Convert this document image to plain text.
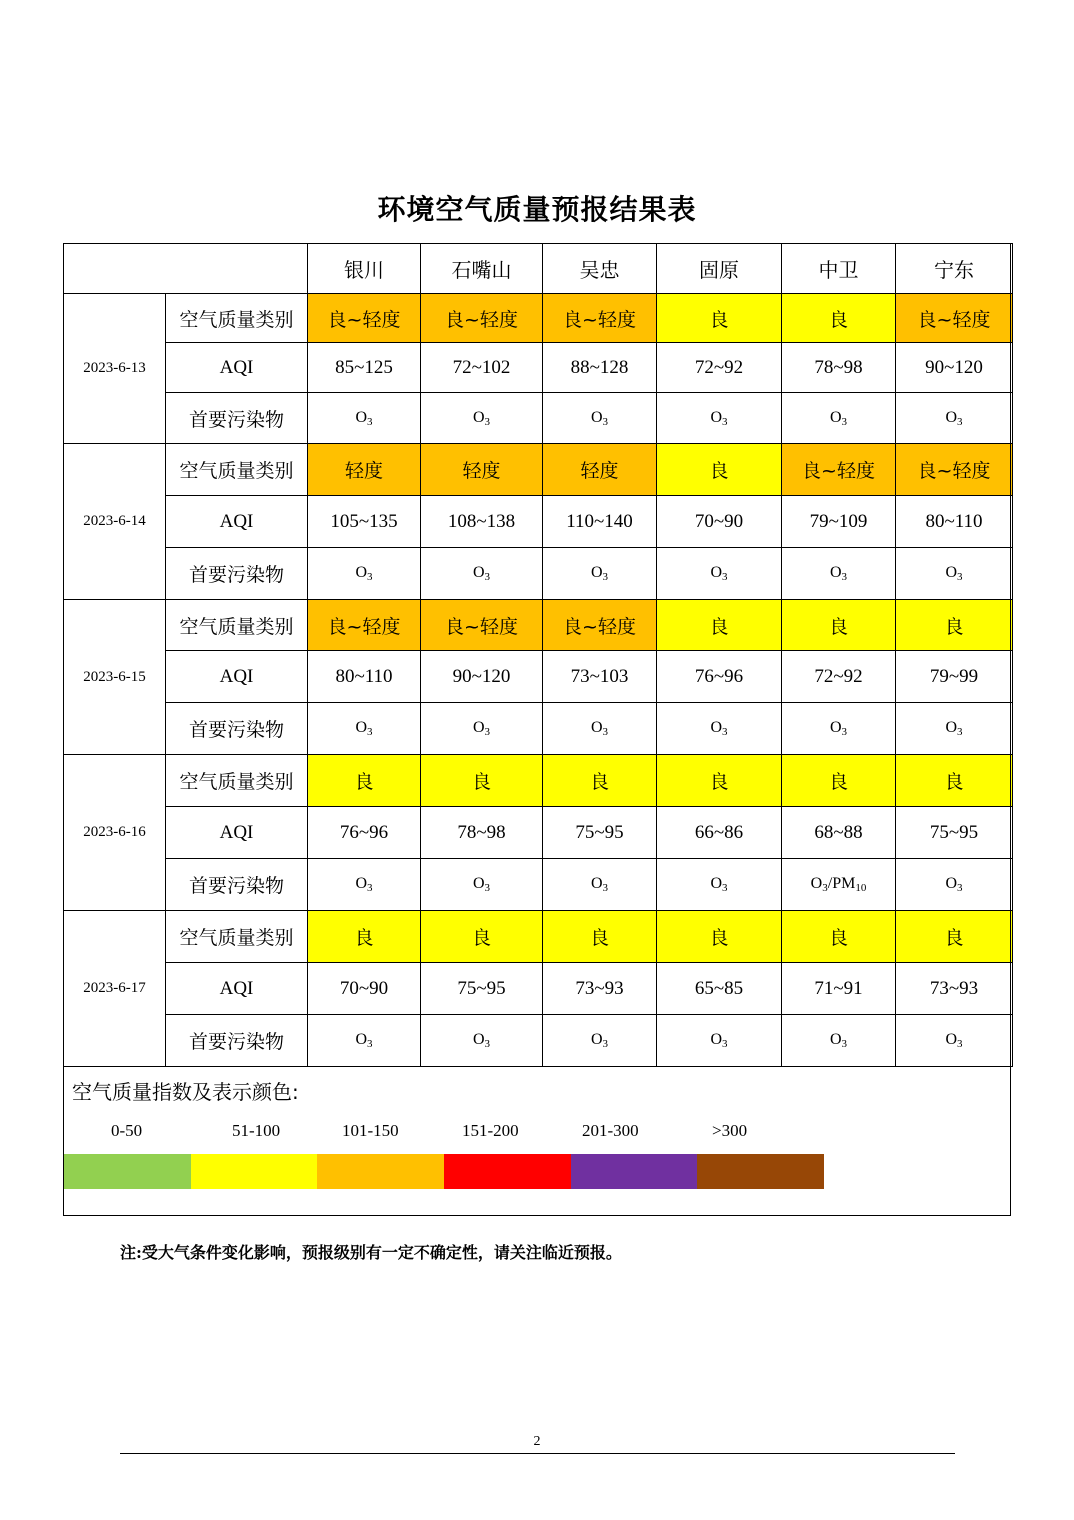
环境空气质量预报结果表
		银川	石嘴山	吴忠	固原	中卫	宁东
2023-6-13	空气质量类别	良~轻度	良~轻度	良~轻度	良	良	良~轻度
	AQI	85~125	72~102	88~128	72~92	78~98	90~120
	首要污染物	$O_3$	$O_3$	$O_3$	$O_3$	$O_3$	$O_3$
2023-6-14	空气质量类别	轻度	轻度	轻度	良	良~轻度	良~轻度
	AQI	105~135	108~138	110~140	70~90	79~109	80~110
	首要污染物	$O_3$	$O_3$	$O_3$	$O_3$	$O_3$	$O_3$
2023-6-15	空气质量类别	良~轻度	良~轻度	良~轻度	良	良	良
	AQI	80~110	90~120	73~103	76~96	72~92	79~99
	首要污染物	$O_3$	$O_3$	$O_3$	$O_3$	$O_3$	$O_3$
2023-6-16	空气质量类别	良	良	良	良	良	良
	AQI	76~96	78~98	75~95	66~86	68~88	75~95
	首要污染物	$O_3$	$O_3$	$O_3$	$O_3$	$O_3/PM_{10}$	$O_3$
2023-6-17	空气质量类别	良	良	良	良	良	良
	AQI	70~90	75~95	73~93	65~85	71~91	73~93
	首要污染物	$O_3$	$O_3$	$O_3$	$O_3$	$O_3$	$O_3$
空气质量指数及表示颜色:
0-50	51-100	101-150	151-200	201-300	>300
注:受大气条件变化影响，预报级别有一定不确定性，请关注临近预报。
2
